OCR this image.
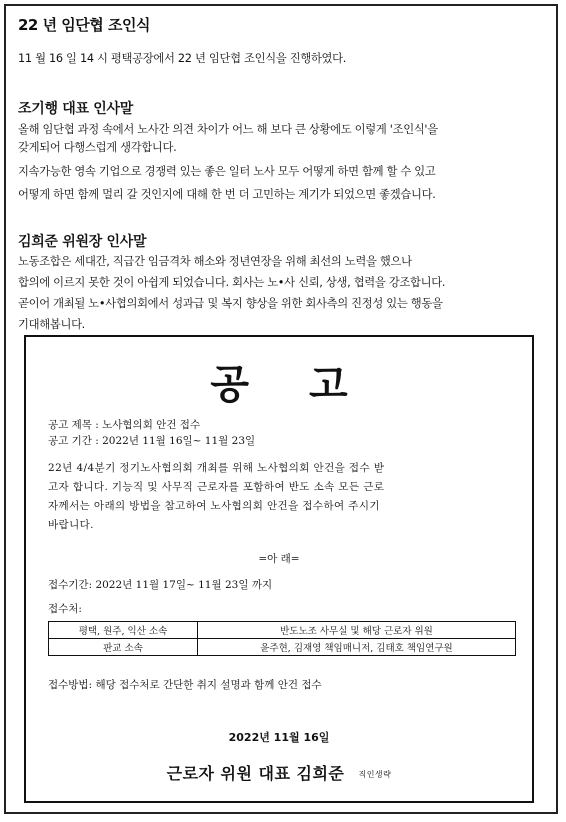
22 년 임단협 조인식
11 월 16 일 14 시 평택공장에서 22 년 임단협 조인식을 진행하였다.
조기행 대표 인사말
올해 임단협 과정 속에서 노사간 의견 차이가 어느 해 보다 큰 상황에도 이렇게 '조인식'을
갖게되어 다행스럽게 생각합니다.
지속가능한 영속 기업으로 경쟁력 있는 좋은 일터 노사 모두 어떻게 하면 함께 할 수 있고
어떻게 하면 함께 멀리 갈 것인지에 대해 한 번 더 고민하는 계기가 되었으면 좋겠습니다.
김희준 위원장 인사말
노동조합은 세대간, 직급간 임금격차 해소와 정년연장을 위해 최선의 노력을 했으나
합의에 이르지 못한 것이 아쉽게 되었습니다. 회사는 노•사 신뢰, 상생, 협력을 강조합니다.
곧이어 개최될 노•사협의회에서 성과급 및 복지 향상을 위한 회사측의 진정성 있는 행동을
기대해봅니다.
공고
공고 제목 : 노사협의회 안건 접수
공고 기간 : 2022년 11월 16일~ 11월 23일
22년 4/4분기 정기노사협의회 개최를 위해 노사협의회 안건을 접수 받
고자 합니다. 기능직 및 사무직 근로자를 포함하여 반도 소속 모든 근로
자께서는 아래의 방법을 참고하여 노사협의회 안건을 접수하여 주시기
바랍니다.
=아 래=
접수기간: 2022년 11월 17일~ 11월 23일 까지
접수처:
평택, 원주, 익산 소속	반도노조 사무실 및 해당 근로자 위원
판교 소속	윤주현, 김재영 책임매니저, 김태호 책임연구원
접수방법: 해당 접수처로 간단한 취지 설명과 함께 안건 접수
2022년 11월 16일
근로자 위원 대표 김희준 직인생략
